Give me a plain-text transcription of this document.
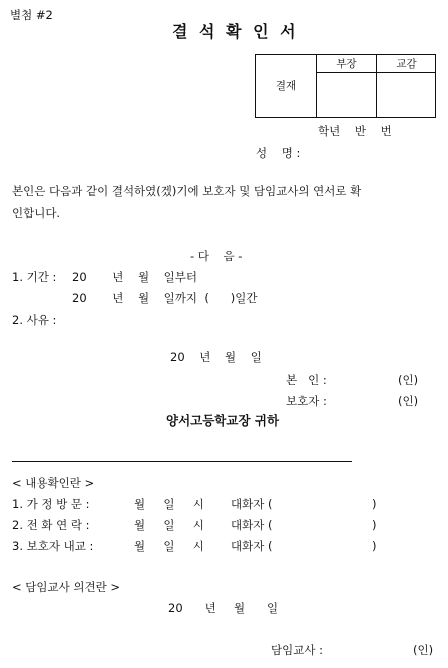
별첨 #2
결 석 확 인 서
결재
부장	교감
학년    반    번
성    명 :
본인은 다음과 같이 결석하였(겠)기에 보호자 및 담임교사의 연서로 확
인합니다.
- 다    음 -
1. 기간 : 20       년    월    일부터
20       년    월    일까지  (      )일간
2. 사유 :
20    년    월    일
본   인 :	(인)
보호자 :	(인)
양서고등학교장 귀하
< 내용확인란 >
1. 가 정 방 문 :	월     일     시 대화자 (	)
2. 전 화 연 락 :	월     일     시 대화자 (	)
3. 보호자 내교 :	월     일     시 대화자 (	)
< 담임교사 의견란 >
20      년     월      일
담임교사 :	(인)
